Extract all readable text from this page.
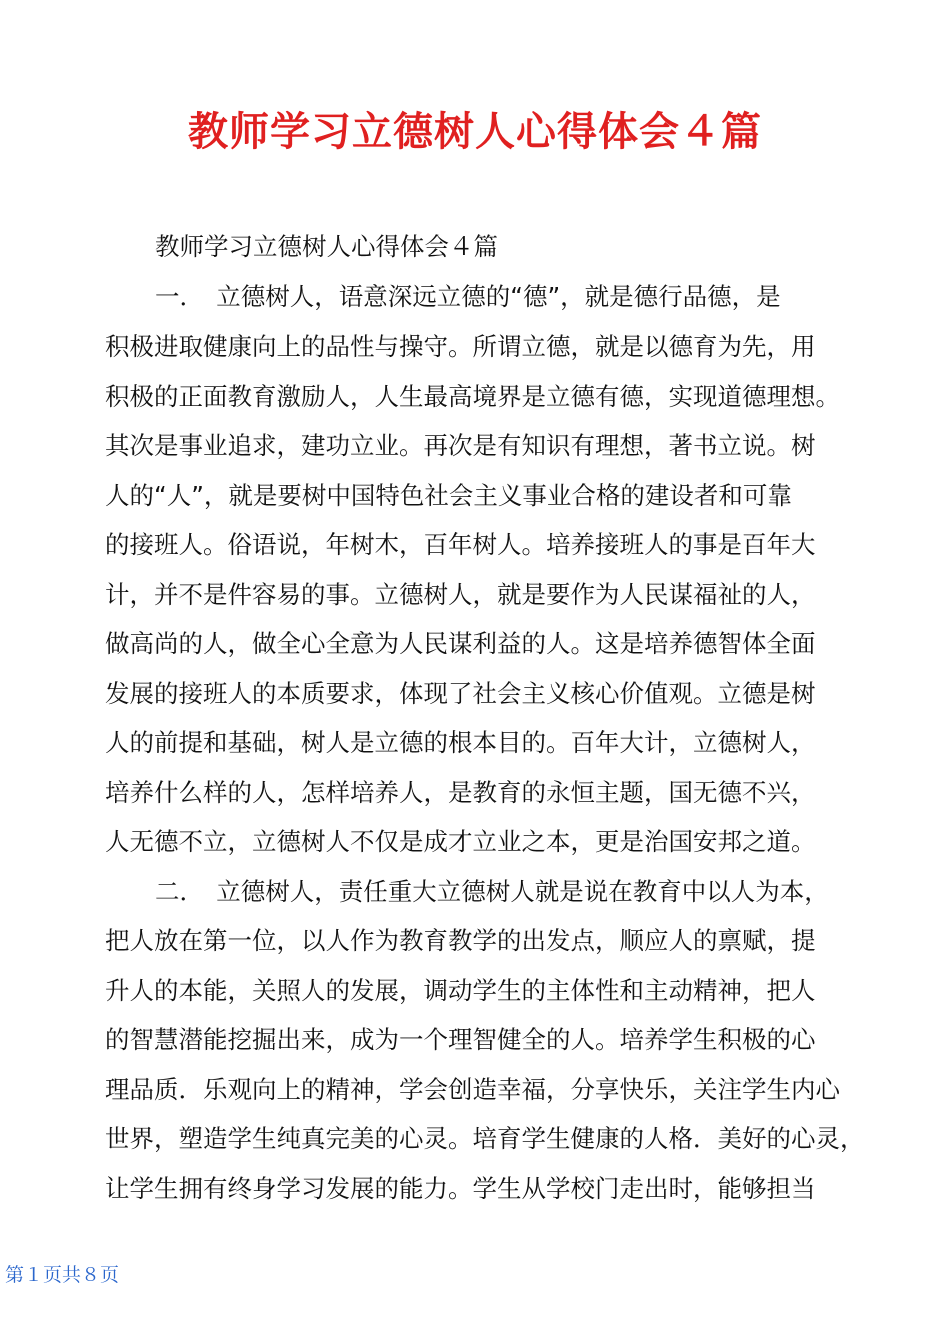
教师学习立德树人心得体会４篇
教师学习立德树人心得体会４篇
一．　立德树人，语意深远立德的“德”，就是德行品德，是
积极进取健康向上的品性与操守。所谓立德，就是以德育为先，用
积极的正面教育激励人，人生最高境界是立德有德，实现道德理想。
其次是事业追求，建功立业。再次是有知识有理想，著书立说。树
人的“人”，就是要树中国特色社会主义事业合格的建设者和可靠
的接班人。俗语说，年树木，百年树人。培养接班人的事是百年大
计，并不是件容易的事。立德树人，就是要作为人民谋福祉的人，
做高尚的人，做全心全意为人民谋利益的人。这是培养德智体全面
发展的接班人的本质要求，体现了社会主义核心价值观。立德是树
人的前提和基础，树人是立德的根本目的。百年大计，立德树人，
培养什么样的人，怎样培养人，是教育的永恒主题，国无德不兴，
人无德不立，立德树人不仅是成才立业之本，更是治国安邦之道。
二．　立德树人，责任重大立德树人就是说在教育中以人为本，
把人放在第一位，以人作为教育教学的出发点，顺应人的禀赋，提
升人的本能，关照人的发展，调动学生的主体性和主动精神，把人
的智慧潜能挖掘出来，成为一个理智健全的人。培养学生积极的心
理品质．乐观向上的精神，学会创造幸福，分享快乐，关注学生内心
世界，塑造学生纯真完美的心灵。培育学生健康的人格．美好的心灵，
让学生拥有终身学习发展的能力。学生从学校门走出时，能够担当
第１页共８页
